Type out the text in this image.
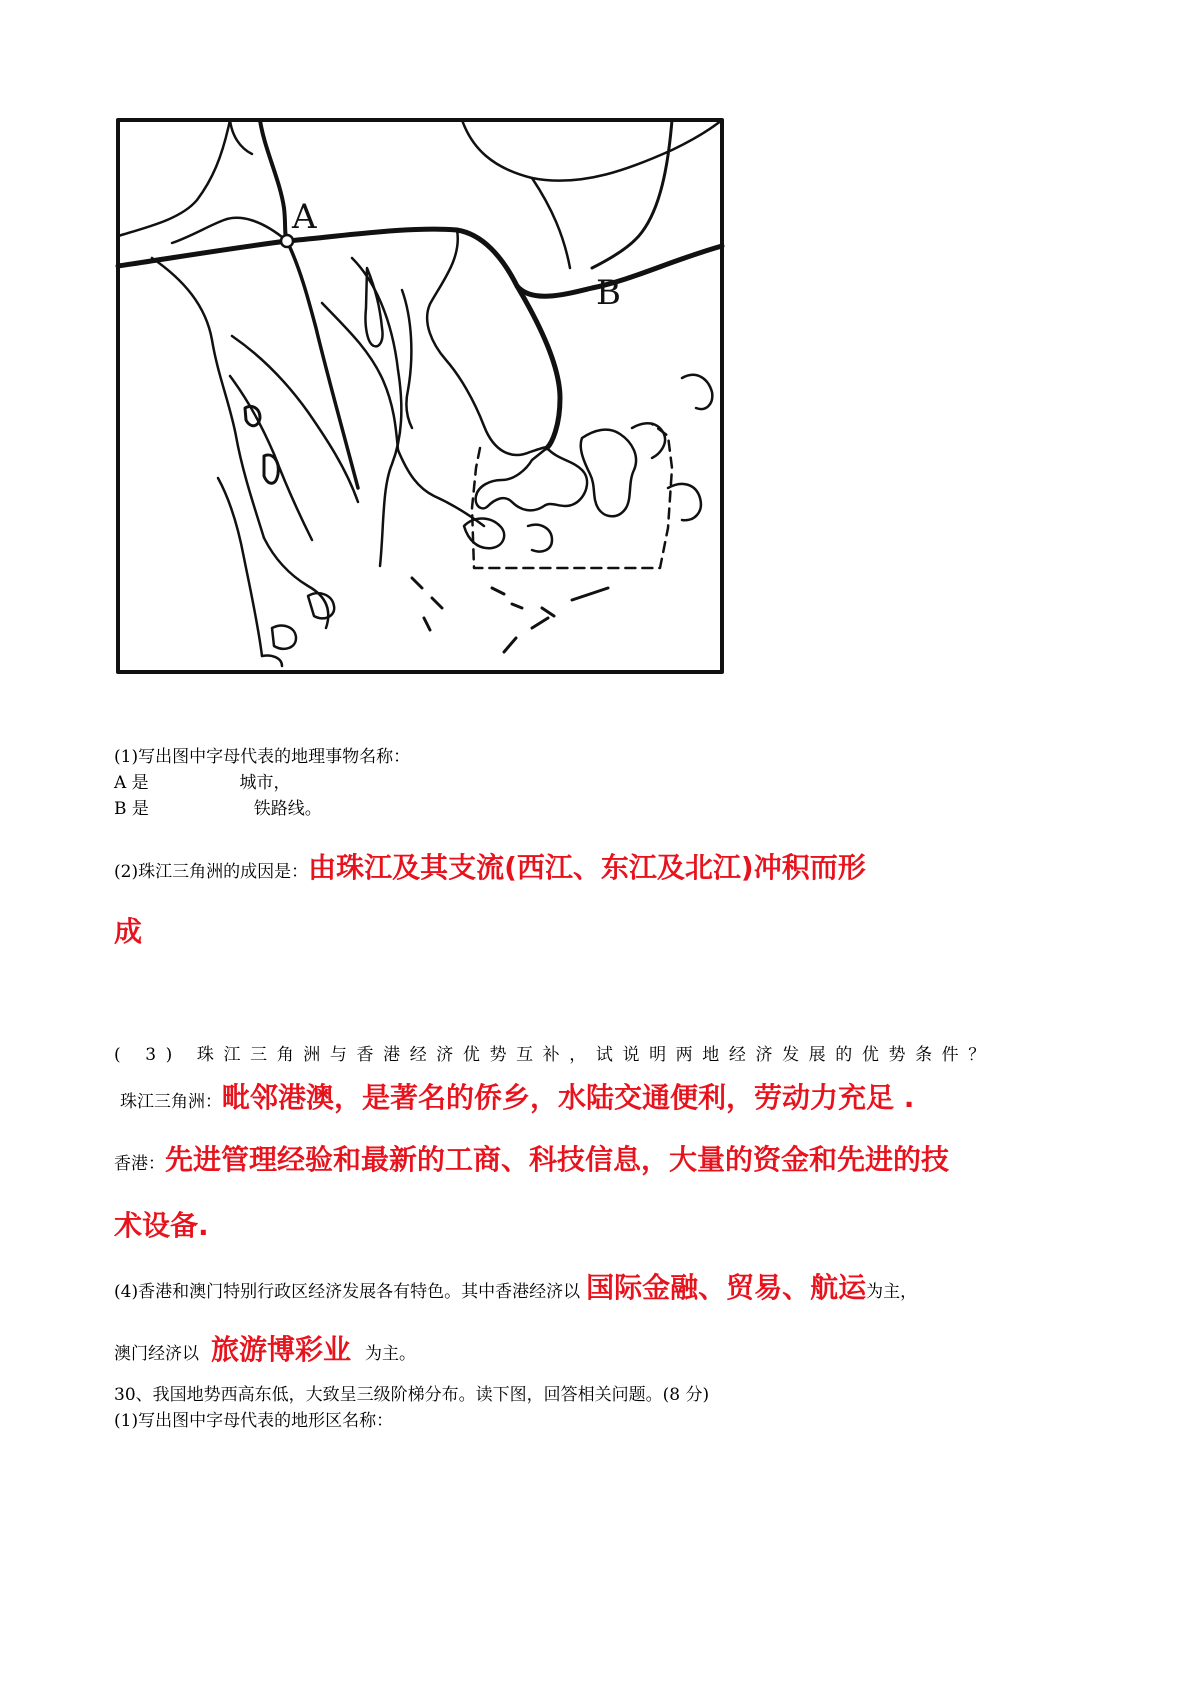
A
B
(1)写出图中字母代表的地理事物名称：
A 是	城市，
B 是	铁路线。
(2)珠江三角洲的成因是：由珠江及其支流(西江、东江及北江)冲积而形
成
( 3) 珠江三角洲与香港经济优势互补，试说明两地经济发展的优势条件？
珠江三角洲：毗邻港澳，是著名的侨乡，水陆交通便利，劳动力充足 .
香港：先进管理经验和最新的工商、科技信息，大量的资金和先进的技
术设备.
(4)香港和澳门特别行政区经济发展各有特色。其中香港经济以 国际金融、贸易、航运为主，
澳门经济以 旅游博彩业 为主。
30、我国地势西高东低，大致呈三级阶梯分布。读下图，回答相关问题。(8 分)
(1)写出图中字母代表的地形区名称：
